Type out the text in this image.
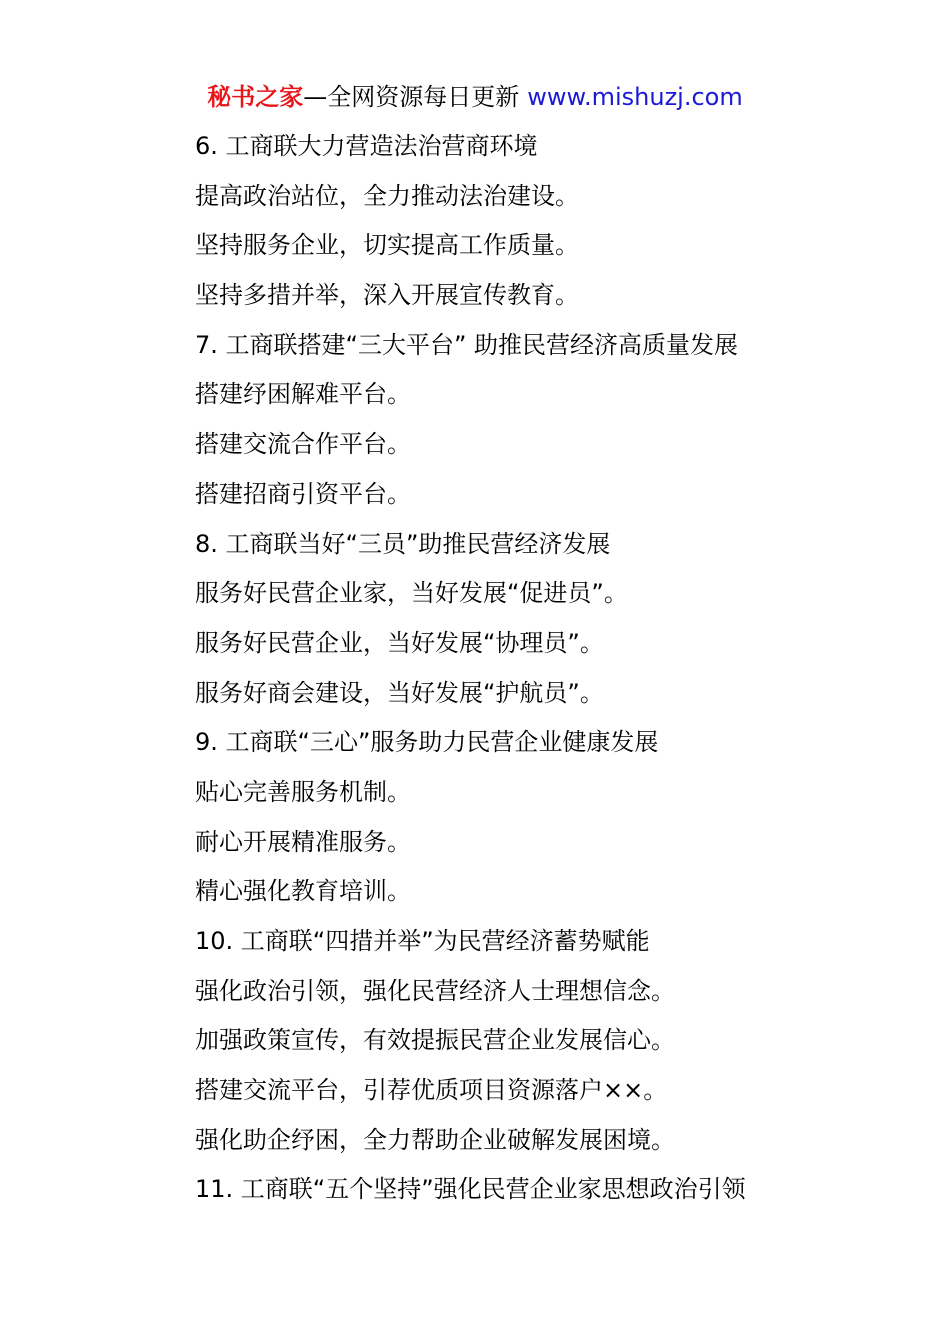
秘书之家—全网资源每日更新 www.mishuzj.com
6. 工商联大力营造法治营商环境
提高政治站位，全力推动法治建设。
坚持服务企业，切实提高工作质量。
坚持多措并举，深入开展宣传教育。
7. 工商联搭建“三大平台” 助推民营经济高质量发展
搭建纾困解难平台。
搭建交流合作平台。
搭建招商引资平台。
8. 工商联当好“三员”助推民营经济发展
服务好民营企业家，当好发展“促进员”。
服务好民营企业，当好发展“协理员”。
服务好商会建设，当好发展“护航员”。
9. 工商联“三心”服务助力民营企业健康发展
贴心完善服务机制。
耐心开展精准服务。
精心强化教育培训。
10. 工商联“四措并举”为民营经济蓄势赋能
强化政治引领，强化民营经济人士理想信念。
加强政策宣传，有效提振民营企业发展信心。
搭建交流平台，引荐优质项目资源落户××。
强化助企纾困，全力帮助企业破解发展困境。
11. 工商联“五个坚持”强化民营企业家思想政治引领
